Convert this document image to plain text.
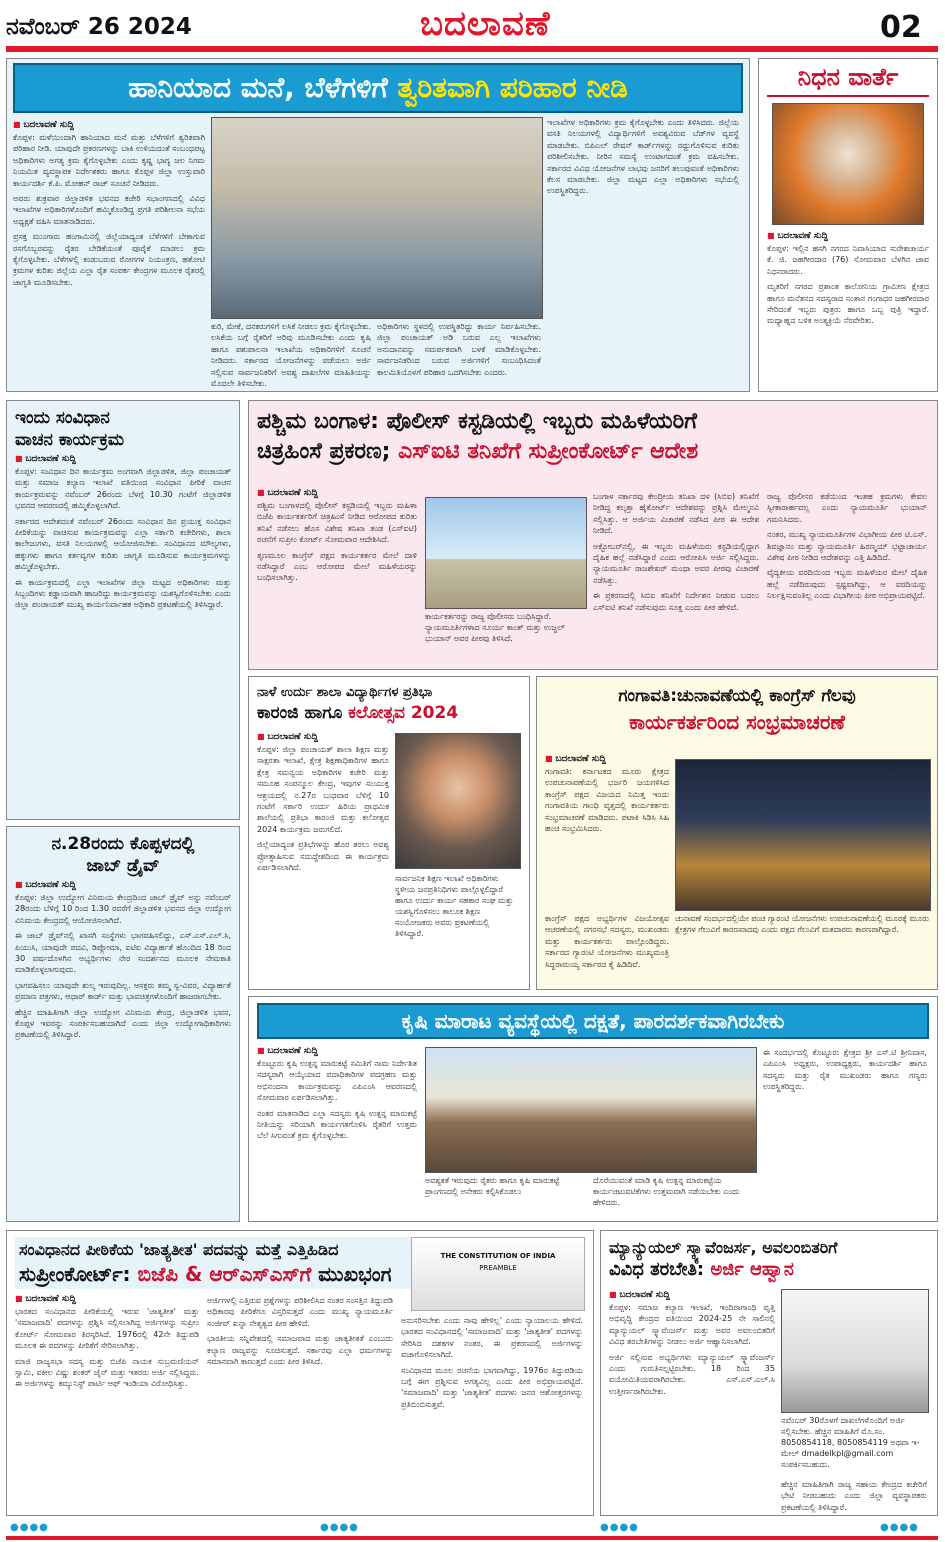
ನವೆಂಬರ್ 26 2024	ಬದಲಾವಣೆ	02
ಹಾನಿಯಾದ ಮನೆ, ಬೆಳೆಗಳಿಗೆ ತ್ವರಿತವಾಗಿ ಪರಿಹಾರ ನೀಡಿ
■ ಬದಲಾವಣೆ ಸುದ್ದಿ

ಕೊಪ್ಪಳ: ಮಳೆಯಿಂದಾಗಿ ಹಾನಿಯಾದ ಮನೆ ಮತ್ತು ಬೆಳೆಗಳಿಗೆ ತ್ವರಿತವಾಗಿ ಪರಿಹಾರ ನೀಡಿ. ಯಾವುದೇ ಪ್ರಕರಣಗಳನ್ನು ಬಾಕಿ ಉಳಿಯದಂತೆ ಸಂಬಂಧಪಟ್ಟ ಅಧಿಕಾರಿಗಳು ಅಗತ್ಯ ಕ್ರಮ ಕೈಗೊಳ್ಳಬೇಕು ಎಂದು ಕೃಷ್ಣ ಭಾಗ್ಯ ಜಲ ನಿಗಮ ನಿಯಮಿತ ವ್ಯವಸ್ಥಾಪಕ ನಿರ್ದೇಶಕರು ಹಾಗೂ ಕೊಪ್ಪಳ ಜಿಲ್ಲಾ ಉಸ್ತುವಾರಿ ಕಾರ್ಯದರ್ಶಿ ಕೆ.ಪಿ. ಮೋಹನ್ ರಾಜ್ ಸೂಚನೆ ನೀಡಿದರು.

ಅವರು ಶುಕ್ರವಾರ ಜಿಲ್ಲಾಡಳಿತ ಭವನದ ಕಚೇರಿ ಸಭಾಂಗಣದಲ್ಲಿ ವಿವಿಧ ಇಲಾಖೆಗಳ ಅಧಿಕಾರಿಗಳೊಂದಿಗೆ ಹಮ್ಮಿಕೊಂಡಿದ್ದ ಪ್ರಗತಿ ಪರಿಶೀಲನಾ ಸಭೆಯ ಅಧ್ಯಕ್ಷತೆ ವಹಿಸಿ ಮಾತನಾಡಿದರು.

ಪ್ರಸಕ್ತ ಮುಂಗಾರು ಹಂಗಾಮಿನಲ್ಲಿ ಜಿಲ್ಲೆಯಾದ್ಯಂತ ಬೆಳೆಗಳಿಗೆ ಬೇಕಾಗುವ ರಸಗೊಬ್ಬರವನ್ನು ರೈತರ ಬೇಡಿಕೆಯಂತೆ ಪೂರೈಕೆ ಮಾಡಲು ಕ್ರಮ ಕೈಗೊಳ್ಳಬೇಕು. ಬೆಳೆಗಳಲ್ಲಿ ಕಂಡುಬರುವ ರೋಗಗಳ ನಿಯಂತ್ರಣ, ಹತೋಟಿ ಕ್ರಮಗಳ ಕುರಿತು ಜಿಲ್ಲೆಯ ಎಲ್ಲಾ ರೈತ ಸಂಪರ್ಕ ಕೇಂದ್ರಗಳ ಮೂಲಕ ರೈತರಲ್ಲಿ ಜಾಗೃತಿ ಮೂಡಿಸಬೇಕು.

ಕುರಿ, ಮೇಕೆ, ದನಕರುಗಳಿಗೆ ಲಸಿಕೆ ನೀಡಲು ಕ್ರಮ ಕೈಗೊಳ್ಳಬೇಕು. ಲಸಿಕೆಯ ಬಗ್ಗೆ ರೈತರಿಗೆ ಅರಿವು ಮೂಡಿಸಬೇಕು ಎಂದು ಕೃಷಿ ಹಾಗೂ ಪಶುಪಾಲನಾ ಇಲಾಖೆಯ ಅಧಿಕಾರಿಗಳಿಗೆ ಸೂಚನೆ ನೀಡಿದರು. ಸರ್ಕಾರದ ಯೋಜನೆಗಳನ್ನು ಪಡೆಯಲು ಅರ್ಜಿ ಸಲ್ಲಿಸುವ ಸಾರ್ವಜನಿಕರಿಗೆ ಅವಶ್ಯ ದಾಖಲೆಗಳ ಮಾಹಿತಿಯನ್ನು ಮೊದಲೇ ತಿಳಿಸಬೇಕು.
ಅಧಿಕಾರಿಗಳು ಸ್ಥಳದಲ್ಲಿ ಉಪಸ್ಥಿತರಿದ್ದು ಕಾರ್ಯ ನಿರ್ವಹಿಸಬೇಕು. ಜಿಲ್ಲಾ ಪಂಚಾಯತ್ ಅಡಿ ಬರುವ ಎಲ್ಲ ಇಲಾಖೆಗಳು ಅನುದಾನವನ್ನು ಸಮರ್ಪಕವಾಗಿ ಬಳಕೆ ಮಾಡಿಕೊಳ್ಳಬೇಕು. ಸಾರ್ವಜನಿಕರಿಂದ ಬರುವ ಅರ್ಜಿಗಳಿಗೆ ಸಂಬಂಧಿಸಿದಂತೆ ಕಾಲಮಿತಿಯೊಳಗೆ ಪರಿಹಾರ ಒದಗಿಸಬೇಕು ಎಂದರು.
ಇಲಾಖೆಗಳ ಅಧಿಕಾರಿಗಳು ಕ್ರಮ ಕೈಗೊಳ್ಳಬೇಕು ಎಂದು ತಿಳಿಸಿದರು. ಜಿಲ್ಲೆಯ ವಸತಿ ನಿಲಯಗಳಲ್ಲಿ ವಿದ್ಯಾರ್ಥಿಗಳಿಗೆ ಅವಶ್ಯವಿರುವ ಬೆಡ್‌ಗಳ ವ್ಯವಸ್ಥೆ ಮಾಡಬೇಕು. ಬಿಪಿಎಲ್ ರೇಷನ್ ಕಾರ್ಡ್‌ಗಳನ್ನು ರದ್ದುಗೊಳಿಸುವ ಕುರಿತು ಪರಿಶೀಲಿಸಬೇಕು. ನೀರಿನ ಸಮಸ್ಯೆ ಉಂಟಾಗದಂತೆ ಕ್ರಮ ವಹಿಸಬೇಕು. ಸರ್ಕಾರದ ವಿವಿಧ ಯೋಜನೆಗಳ ಲಾಭವು ಜನರಿಗೆ ತಲುಪುವಂತೆ ಅಧಿಕಾರಿಗಳು ಕೆಲಸ ಮಾಡಬೇಕು. ಜಿಲ್ಲಾ ಮಟ್ಟದ ಎಲ್ಲಾ ಅಧಿಕಾರಿಗಳು ಸಭೆಯಲ್ಲಿ ಉಪಸ್ಥಿತರಿದ್ದರು.
ನಿಧನ ವಾರ್ತೆ
■ ಬದಲಾವಣೆ ಸುದ್ದಿ

ಕೊಪ್ಪಳ: ಇಲ್ಲಿನ ಹಸಗಿ ನಗರದ ನಿವಾಸಿಯಾದ ಸುರೇಶಚಾರ್ಯ ಕೆ. ಜಿ. ಜಹಗೀರದಾರ (76) ಸೋಮವಾರ ಬೆಳಗಿನ ಜಾವ ನಿಧನರಾದರು.

ಮೃತರಿಗೆ ನಗರದ ಪ್ರಶಾಂತ ಕಾಲೋನಿಯ ಗ್ರಾಮೀಣ ಕ್ಷೇತ್ರದ ಹಾಗೂ ಮನೆತನದ ಸದಸ್ಯರಾದ ಸಂತಾನ ಗಂಗಾಧರ ಜಹಗೀರದಾರ ಸೇರಿದಂತೆ ಇಬ್ಬರು ಪುತ್ರರು ಹಾಗೂ ಒಬ್ಬ ಪುತ್ರಿ ಇದ್ದಾರೆ. ಮಧ್ಯಾಹ್ನದ ಬಳಿಕ ಅಂತ್ಯಕ್ರಿಯೆ ನೆರವೇರಿತು.

ಇಂದು ಸಂವಿಧಾನ
ವಾಚನ ಕಾರ್ಯಕ್ರಮ
■ ಬದಲಾವಣೆ ಸುದ್ದಿ

ಕೊಪ್ಪಳ: ಸಂವಿಧಾನ ದಿನ ಕಾರ್ಯಕ್ರಮ ಅಂಗವಾಗಿ ಜಿಲ್ಲಾಡಳಿತ, ಜಿಲ್ಲಾ ಪಂಚಾಯತ್ ಮತ್ತು ಸಮಾಜ ಕಲ್ಯಾಣ ಇಲಾಖೆ ವತಿಯಿಂದ ಸಂವಿಧಾನ ಪೀಠಿಕೆ ವಾಚನ ಕಾರ್ಯಕ್ರಮವನ್ನು ನವೆಂಬರ್ 26ರಂದು ಬೆಳಗ್ಗೆ 10.30 ಗಂಟೆಗೆ ಜಿಲ್ಲಾಡಳಿತ ಭವನದ ಆವರಣದಲ್ಲಿ ಹಮ್ಮಿಕೊಳ್ಳಲಾಗಿದೆ.

ಸರ್ಕಾರದ ಆದೇಶದಂತೆ ನವೆಂಬರ್ 26ರಂದು ಸಂವಿಧಾನ ದಿನ ಪ್ರಯುಕ್ತ ಸಂವಿಧಾನ ಪೀಠಿಕೆಯನ್ನು ವಾಚಿಸುವ ಕಾರ್ಯಕ್ರಮವನ್ನು ಎಲ್ಲಾ ಸರ್ಕಾರಿ ಕಚೇರಿಗಳು, ಶಾಲಾ ಕಾಲೇಜುಗಳು, ವಸತಿ ನಿಲಯಗಳಲ್ಲಿ ಆಯೋಜಿಸಬೇಕು. ಸಂವಿಧಾನದ ಮೌಲ್ಯಗಳು, ಹಕ್ಕುಗಳು ಹಾಗೂ ಕರ್ತವ್ಯಗಳ ಕುರಿತು ಜಾಗೃತಿ ಮೂಡಿಸುವ ಕಾರ್ಯಕ್ರಮಗಳನ್ನು ಹಮ್ಮಿಕೊಳ್ಳಬೇಕು.

ಈ ಕಾರ್ಯಕ್ರಮದಲ್ಲಿ ಎಲ್ಲಾ ಇಲಾಖೆಗಳ ಜಿಲ್ಲಾ ಮಟ್ಟದ ಅಧಿಕಾರಿಗಳು ಮತ್ತು ಸಿಬ್ಬಂದಿಗಳು ಕಡ್ಡಾಯವಾಗಿ ಹಾಜರಿದ್ದು ಕಾರ್ಯಕ್ರಮವನ್ನು ಯಶಸ್ವಿಗೊಳಿಸಬೇಕು ಎಂದು ಜಿಲ್ಲಾ ಪಂಚಾಯತ್ ಮುಖ್ಯ ಕಾರ್ಯನಿರ್ವಾಹಕ ಅಧಿಕಾರಿ ಪ್ರಕಟಣೆಯಲ್ಲಿ ತಿಳಿಸಿದ್ದಾರೆ.

ನ.28ರಂದು ಕೊಪ್ಪಳದಲ್ಲಿ
ಜಾಬ್ ಡ್ರೈವ್
■ ಬದಲಾವಣೆ ಸುದ್ದಿ

ಕೊಪ್ಪಳ: ಜಿಲ್ಲಾ ಉದ್ಯೋಗ ವಿನಿಮಯ ಕೇಂದ್ರದಿಂದ ಜಾಬ್ ಡ್ರೈವ್ ಅನ್ನು ನವೆಂಬರ್ 28ರಂದು ಬೆಳಿಗ್ಗೆ 10 ರಿಂದ 1.30 ರವರೆಗೆ ಜಿಲ್ಲಾಡಳಿತ ಭವನದ ಜಿಲ್ಲಾ ಉದ್ಯೋಗ ವಿನಿಮಯ ಕೇಂದ್ರದಲ್ಲಿ ಆಯೋಜಿಸಲಾಗಿದೆ.

ಈ ಜಾಬ್ ಡ್ರೈವ್‌ನಲ್ಲಿ ಖಾಸಗಿ ಸಂಸ್ಥೆಗಳು ಭಾಗವಹಿಸಲಿದ್ದು, ಎಸ್.ಎಸ್.ಎಲ್.ಸಿ, ಪಿಯುಸಿ, ಯಾವುದೇ ಪದವಿ, ಡಿಪ್ಲೋಮಾ, ಐಟಿಐ ವಿದ್ಯಾರ್ಹತೆ ಹೊಂದಿದ 18 ರಿಂದ 30 ವರ್ಷದೊಳಗಿನ ಅಭ್ಯರ್ಥಿಗಳು ನೇರ ಸಂದರ್ಶನದ ಮೂಲಕ ನೇಮಕಾತಿ ಮಾಡಿಕೊಳ್ಳಲಾಗುವುದು.

ಭಾಗವಹಿಸಲು ಯಾವುದೇ ಶುಲ್ಕ ಇರುವುದಿಲ್ಲ. ಆಸಕ್ತರು ತಮ್ಮ ಸ್ವ-ವಿವರ, ವಿದ್ಯಾರ್ಹತೆ ಪ್ರಮಾಣ ಪತ್ರಗಳು, ಆಧಾರ್ ಕಾರ್ಡ್ ಮತ್ತು ಭಾವಚಿತ್ರಗಳೊಂದಿಗೆ ಹಾಜರಾಗಬೇಕು.

ಹೆಚ್ಚಿನ ಮಾಹಿತಿಗಾಗಿ ಜಿಲ್ಲಾ ಉದ್ಯೋಗ ವಿನಿಮಯ ಕೇಂದ್ರ, ಜಿಲ್ಲಾಡಳಿತ ಭವನ, ಕೊಪ್ಪಳ ಇವರನ್ನು ಸಂಪರ್ಕಿಸಬಹುದಾಗಿದೆ ಎಂದು ಜಿಲ್ಲಾ ಉದ್ಯೋಗಾಧಿಕಾರಿಗಳು ಪ್ರಕಟಣೆಯಲ್ಲಿ ತಿಳಿಸಿದ್ದಾರೆ.

ಪಶ್ಚಿಮ ಬಂಗಾಳ: ಪೊಲೀಸ್ ಕಸ್ಟಡಿಯಲ್ಲಿ ಇಬ್ಬರು ಮಹಿಳೆಯರಿಗೆ
ಚಿತ್ರಹಿಂಸೆ ಪ್ರಕರಣ; ಎಸ್‌ಐಟಿ ತನಿಖೆಗೆ ಸುಪ್ರೀಂಕೋರ್ಟ್ ಆದೇಶ
■ ಬದಲಾವಣೆ ಸುದ್ದಿ

ಪಶ್ಚಿಮ ಬಂಗಾಳದಲ್ಲಿ ಪೊಲೀಸ್ ಕಸ್ಟಡಿಯಲ್ಲಿ ಇಬ್ಬರು ಮಹಿಳಾ ಬಿಜೆಪಿ ಕಾರ್ಯಕರ್ತರಿಗೆ ಚಿತ್ರಹಿಂಸೆ ನೀಡಿದ ಆರೋಪದ ಕುರಿತು ತನಿಖೆ ನಡೆಸಲು ಹೊಸ ವಿಶೇಷ ತನಿಖಾ ತಂಡ (ಎಸ್‌ಐಟಿ) ರಚನೆಗೆ ಸುಪ್ರೀಂ ಕೋರ್ಟ್ ಸೋಮವಾರ ಆದೇಶಿಸಿದೆ.

ತೃಣಮೂಲ ಕಾಂಗ್ರೆಸ್ ಪಕ್ಷದ ಕಾರ್ಯಕರ್ತರ ಮೇಲೆ ದಾಳಿ ನಡೆಸಿದ್ದಾರೆ ಎಂಬ ಆರೋಪದ ಮೇಲೆ ಮಹಿಳೆಯರನ್ನು ಬಂಧಿಸಲಾಗಿತ್ತು.

ಕಾರ್ಯಕರ್ತರನ್ನು ರಾಜ್ಯ ಪೊಲೀಸರು ಬಂಧಿಸಿದ್ದಾರೆ. ನ್ಯಾಯಮೂರ್ತಿಗಳಾದ ಸೂರ್ಯ ಕಾಂತ್ ಮತ್ತು ಉಜ್ಜಲ್ ಭುಯಾನ್ ಅವರ ಪೀಠವು ತಿಳಿಸಿದೆ.

ಬಂಗಾಳ ಸರ್ಕಾರವು ಕೇಂದ್ರೀಯ ತನಿಖಾ ದಳ (ಸಿಬಿಐ) ತನಿಖೆಗೆ ನೀಡಿದ್ದ ಕಲ್ಕತ್ತಾ ಹೈಕೋರ್ಟ್ ಆದೇಶವನ್ನು ಪ್ರಶ್ನಿಸಿ ಮೇಲ್ಮನವಿ ಸಲ್ಲಿಸಿತ್ತು. ಆ ಅರ್ಜಿಯ ವಿಚಾರಣೆ ನಡೆಸಿದ ಪೀಠ ಈ ಆದೇಶ ನೀಡಿದೆ.

ಅಕ್ಟೋಬರ್‌ನಲ್ಲಿ, ಈ ಇಬ್ಬರು ಮಹಿಳೆಯರು ಕಸ್ಟಡಿಯಲ್ಲಿದ್ದಾಗ ದೈಹಿಕ ಹಲ್ಲೆ ನಡೆಸಿದ್ದಾರೆ ಎಂದು ಆರೋಪಿಸಿ ಅರ್ಜಿ ಸಲ್ಲಿಸಿದ್ದರು. ನ್ಯಾಯಮೂರ್ತಿ ರಾಜಶೇಖರ್ ಮಂಥಾ ಅವರ ಪೀಠವು ವಿಚಾರಣೆ ನಡೆಸಿತ್ತು.

ಈ ಪ್ರಕರಣದಲ್ಲಿ ಸಿಬಿಐ ತನಿಖೆಗೆ ನಿರ್ದೇಶನ ನೀಡುವ ಬದಲು ಎಸ್‌ಐಟಿ ತನಿಖೆ ನಡೆಸುವುದು ಸೂಕ್ತ ಎಂದು ಪೀಠ ಹೇಳಿದೆ.

ರಾಜ್ಯ ಪೊಲೀಸರ ಕಡೆಯಿಂದ ಇಂತಹ ಕ್ರಮಗಳು ಕೇವಲ ಸ್ವೀಕಾರಾರ್ಹವಲ್ಲ ಎಂದು ನ್ಯಾಯಮೂರ್ತಿ ಭುಯಾನ್ ಗಮನಿಸಿದರು.

ನಂತರ, ಮುಖ್ಯ ನ್ಯಾಯಮೂರ್ತಿಗಳ ವಿಭಾಗೀಯ ಪೀಠ ಟಿ.ಎಸ್. ಶಿವಜ್ಞಾನಂ ಮತ್ತು ನ್ಯಾಯಮೂರ್ತಿ ಹಿರಣ್ಮಯ್ ಭಟ್ಟಾಚಾರ್ಯ ವಿಶೇಷ ಪೀಠ ನೀಡಿದ ಆದೇಶವನ್ನು ಎತ್ತಿ ಹಿಡಿದಿದೆ.

ವೈದ್ಯಕೀಯ ವರದಿಯಿಂದ ಇಬ್ಬರು ಮಹಿಳೆಯರ ಮೇಲೆ ದೈಹಿಕ ಹಲ್ಲೆ ನಡೆದಿರುವುದು ಸ್ಪಷ್ಟವಾಗಿದ್ದು, ಆ ವರದಿಯನ್ನು ನಿರ್ಲಕ್ಷಿಸುವಂತಿಲ್ಲ ಎಂದು ವಿಭಾಗೀಯ ಪೀಠ ಅಭಿಪ್ರಾಯಪಟ್ಟಿದೆ.

ನಾಳೆ ಉರ್ದು ಶಾಲಾ ವಿದ್ಯಾರ್ಥಿಗಳ ಪ್ರತಿಭಾ
ಕಾರಂಜಿ ಹಾಗೂ ಕಲೋತ್ಸವ 2024
■ ಬದಲಾವಣೆ ಸುದ್ದಿ

ಕೊಪ್ಪಳ: ಜಿಲ್ಲಾ ಪಂಚಾಯತ್ ಶಾಲಾ ಶಿಕ್ಷಣ ಮತ್ತು ಸಾಕ್ಷರತಾ ಇಲಾಖೆ, ಕ್ಷೇತ್ರ ಶಿಕ್ಷಣಾಧಿಕಾರಿಗಳ ಹಾಗೂ ಕ್ಷೇತ್ರ ಸಮನ್ವಯ ಅಧಿಕಾರಿಗಳ ಕಚೇರಿ ಮತ್ತು ಸಮೂಹ ಸಂಪನ್ಮೂಲ ಕೇಂದ್ರ, ಇವುಗಳ ಸಂಯುಕ್ತ ಆಶ್ರಯದಲ್ಲಿ ನ.27ರ ಬುಧವಾರ ಬೆಳಿಗ್ಗೆ 10 ಗಂಟೆಗೆ ಸರ್ಕಾರಿ ಉರ್ದು ಹಿರಿಯ ಪ್ರಾಥಮಿಕ ಶಾಲೆಯಲ್ಲಿ ಪ್ರತಿಭಾ ಕಾರಂಜಿ ಮತ್ತು ಕಲೋತ್ಸವ 2024 ಕಾರ್ಯಕ್ರಮ ಜರುಗಲಿದೆ.

ಜಿಲ್ಲೆಯಾದ್ಯಂತ ಪ್ರತಿಭೆಗಳನ್ನು ಹೊರ ತರಲು ಅವಶ್ಯ ಪ್ರೋತ್ಸಾಹಿಸುವ ಸದುದ್ದೇಶದಿಂದ ಈ ಕಾರ್ಯಕ್ರಮ ಏರ್ಪಡಿಸಲಾಗಿದೆ.

ಸಾರ್ವಜನಿಕ ಶಿಕ್ಷಣ ಇಲಾಖೆ ಅಧಿಕಾರಿಗಳು ಸ್ಥಳೀಯ ಜನಪ್ರತಿನಿಧಿಗಳು ಪಾಲ್ಗೊಳ್ಳಲಿದ್ದಾರೆ ಹಾಗೂ ಉರ್ದು ಕಾರ್ಯ ಸಹಕಾರ ಸಂಘ ಮತ್ತು ಯಶಸ್ವಿಗೊಳಿಸಲು ತಾಲೂಕ ಶಿಕ್ಷಣ ಸಂಯೋಜಕರು ಅವರು ಪ್ರಕಟಣೆಯಲ್ಲಿ ತಿಳಿಸಿದ್ದಾರೆ.
ಗಂಗಾವತಿ:ಚುನಾವಣೆಯಲ್ಲಿ ಕಾಂಗ್ರೆಸ್ ಗೆಲವು
ಕಾರ್ಯಕರ್ತರಿಂದ ಸಂಭ್ರಮಾಚರಣೆ
■ ಬದಲಾವಣೆ ಸುದ್ದಿ

ಗಂಗಾವತಿ: ಕರ್ನಾಟಕದ ಮೂರು ಕ್ಷೇತ್ರದ ಉಪಚುನಾವಣೆಯಲ್ಲಿ ಭರ್ಜರಿ ಜಯಗಳಿಸಿದ ಕಾಂಗ್ರೆಸ್ ಪಕ್ಷದ ವಿಜಯದ ನಿಮಿತ್ತ ಇಂದು ಗಂಗಾವತಿಯ ಗಾಂಧಿ ವೃತ್ತದಲ್ಲಿ ಕಾರ್ಯಕರ್ತರು ಸಂಭ್ರಮಾಚರಣೆ ಮಾಡಿದರು. ಪಟಾಕಿ ಸಿಡಿಸಿ ಸಿಹಿ ಹಂಚಿ ಸಂಭ್ರಮಿಸಿದರು.

ಕಾಂಗ್ರೆಸ್ ಪಕ್ಷದ ಅಭ್ಯರ್ಥಿಗಳ ವಿಜಯೋತ್ಸವ ಆಚರಣೆಯಲ್ಲಿ ನಗರಸಭೆ ಸದಸ್ಯರು, ಮುಖಂಡರು ಮತ್ತು ಕಾರ್ಯಕರ್ತರು ಪಾಲ್ಗೊಂಡಿದ್ದರು. ಸರ್ಕಾರದ ಗ್ಯಾರಂಟಿ ಯೋಜನೆಗಳು ಮುಖ್ಯಮಂತ್ರಿ ಸಿದ್ದರಾಮಯ್ಯ ಸರ್ಕಾರದ ಕೈ ಹಿಡಿದಿವೆ.
ಚುನಾವಣೆ ಸಂದರ್ಭದಲ್ಲಿಯೇ ಪಂಚ ಗ್ಯಾರಂಟಿ ಯೋಜನೆಗಳು ಉಪಚುನಾವಣೆಯಲ್ಲಿ ಮೂರಕ್ಕೆ ಮೂರು ಕ್ಷೇತ್ರಗಳ ಗೆಲುವಿಗೆ ಕಾರಣವಾದವು ಎಂದು ಪಕ್ಷದ ಗೆಲುವಿಗೆ ಮತದಾರರು ಕಾರಣರಾಗಿದ್ದಾರೆ.
ಕೃಷಿ ಮಾರಾಟ ವ್ಯವಸ್ಥೆಯಲ್ಲಿ ದಕ್ಷತೆ, ಪಾರದರ್ಶಕವಾಗಿರಬೇಕು
■ ಬದಲಾವಣೆ ಸುದ್ದಿ

ಕೊಟ್ಟೂರು ಕೃಷಿ ಉತ್ಪನ್ನ ಮಾರುಕಟ್ಟೆ ಸಮಿತಿಗೆ ನಾಮ ನಿರ್ದೇಶಿತ ಸದಸ್ಯರಾಗಿ ಆಯ್ಕೆಯಾದ ಪದಾಧಿಕಾರಿಗಳ ಪದಗ್ರಹಣ ಮತ್ತು ಅಭಿನಂದನಾ ಕಾರ್ಯಕ್ರಮವನ್ನು ಎಪಿಎಂಸಿ ಆವರಣದಲ್ಲಿ ಸೋಮವಾರ ಏರ್ಪಡಿಸಲಾಗಿತ್ತು.

ನಂತರ ಮಾತನಾಡಿದ ಎಲ್ಲಾ ಸದಸ್ಯರು ಕೃಷಿ ಉತ್ಪನ್ನ ಮಾರುಕಟ್ಟೆ ನೀತಿಯನ್ನು ಸರಿಯಾಗಿ ಕಾರ್ಯಗತಗೊಳಿಸಿ ರೈತರಿಗೆ ಉತ್ತಮ ಬೆಲೆ ಸಿಗುವಂತೆ ಕ್ರಮ ಕೈಗೊಳ್ಳಬೇಕು.

ಅವಶ್ಯಕತೆ ಇರುವುದು ರೈತರು ಹಾಗೂ ಕೃಷಿ ಮಾರುಕಟ್ಟೆ ಪ್ರಾಂಗಣದಲ್ಲಿ ಅನೇಕರು ಕಲ್ಪಿಸಿಕೊಡಲು
ದೊರೆಯುವಂತೆ ಮಾಡಿ ಕೃಷಿ ಉತ್ಪನ್ನ ಮಾರುಕಟ್ಟೆಯ ಕಾರ್ಯಚಟುವಟಿಕೆಗಳು ಉತ್ತಮವಾಗಿ ನಡೆಯಬೇಕು ಎಂದು ಹೇಳಿದರು.
ಈ ಸಂದರ್ಭದಲ್ಲಿ ಕೊಟ್ಟೂರು ಕ್ಷೇತ್ರದ ಶ್ರೀ ಎಸ್.ಟಿ ಶ್ರೀನಿವಾಸ, ಎಪಿಎಂಸಿ ಅಧ್ಯಕ್ಷರು, ಉಪಾಧ್ಯಕ್ಷರು, ಕಾರ್ಯದರ್ಶಿ ಹಾಗೂ ಸದಸ್ಯರು ಮತ್ತು ರೈತ ಮುಖಂಡರು ಹಾಗೂ ಗಣ್ಯರು ಉಪಸ್ಥಿತರಿದ್ದರು.
ಸಂವಿಧಾನದ ಪೀಠಿಕೆಯ 'ಜಾತ್ಯತೀತ' ಪದವನ್ನು ಮತ್ತೆ ಎತ್ತಿಹಿಡಿದ
ಸುಪ್ರೀಂಕೋರ್ಟ್: ಬಿಜೆಪಿ & ಆರ್‌ಎಸ್‌ಎಸ್‌ಗೆ ಮುಖಭಂಗ
THE CONSTITUTION OF INDIA
PREAMBLE
■ ಬದಲಾವಣೆ ಸುದ್ದಿ

ಭಾರತದ ಸಂವಿಧಾನದ ಪೀಠಿಕೆಯಲ್ಲಿ ಇರುವ 'ಜಾತ್ಯತೀತ' ಮತ್ತು 'ಸಮಾಜವಾದಿ' ಪದಗಳನ್ನು ಪ್ರಶ್ನಿಸಿ ಸಲ್ಲಿಸಲಾಗಿದ್ದ ಅರ್ಜಿಗಳನ್ನು ಸುಪ್ರೀಂ ಕೋರ್ಟ್ ಸೋಮವಾರ ತಿರಸ್ಕರಿಸಿದೆ. 1976ರಲ್ಲಿ 42ನೇ ತಿದ್ದುಪಡಿ ಮೂಲಕ ಈ ಪದಗಳನ್ನು ಪೀಠಿಕೆಗೆ ಸೇರಿಸಲಾಗಿತ್ತು.

ಮಾಜಿ ರಾಜ್ಯಸಭಾ ಸದಸ್ಯ ಮತ್ತು ಬಿಜೆಪಿ ನಾಯಕ ಸುಬ್ರಮಣಿಯನ್ ಸ್ವಾಮಿ, ವಕೀಲ ವಿಷ್ಣು ಶಂಕರ್ ಜೈನ್ ಮತ್ತು ಇತರರು ಅರ್ಜಿ ಸಲ್ಲಿಸಿದ್ದರು. ಈ ಅರ್ಜಿಗಳನ್ನು ಕಮ್ಯುನಿಸ್ಟ್ ಪಾರ್ಟಿ ಆಫ್ ಇಂಡಿಯಾ ವಿರೋಧಿಸಿತ್ತು.

ಅರ್ಜಿಗಳಲ್ಲಿ ಎತ್ತಿರುವ ಪ್ರಶ್ನೆಗಳನ್ನು ಪರಿಶೀಲಿಸಿದ ನಂತರ ಸಂಸತ್ತಿನ ತಿದ್ದುಪಡಿ ಅಧಿಕಾರವು ಪೀಠಿಕೆಗೂ ವಿಸ್ತರಿಸುತ್ತದೆ ಎಂದು ಮುಖ್ಯ ನ್ಯಾಯಮೂರ್ತಿ ಸಂಜೀವ್ ಖನ್ನಾ ನೇತೃತ್ವದ ಪೀಠ ಹೇಳಿದೆ.

ಭಾರತೀಯ ಸನ್ನಿವೇಶದಲ್ಲಿ ಸಮಾಜವಾದ ಮತ್ತು ಜಾತ್ಯತೀತತೆ ಎಂಬುದು ಕಲ್ಯಾಣ ರಾಜ್ಯವನ್ನು ಸೂಚಿಸುತ್ತದೆ. ಸರ್ಕಾರವು ಎಲ್ಲಾ ಧರ್ಮಗಳನ್ನು ಸಮಾನವಾಗಿ ಕಾಣುತ್ತದೆ ಎಂದು ಪೀಠ ತಿಳಿಸಿದೆ.

ಅನುಸರಿಸಬೇಕು ಎಂದು ನಾವು ಹೇಳಿಲ್ಲ' ಎಂದು ನ್ಯಾಯಾಲಯ ಹೇಳಿದೆ. ಭಾರತದ ಸಂವಿಧಾನದಲ್ಲಿ 'ಸಮಾಜವಾದಿ' ಮತ್ತು 'ಜಾತ್ಯತೀತ' ಪದಗಳನ್ನು ಸೇರಿಸಿದ ದಶಕಗಳ ನಂತರ, ಈ ಪ್ರಕರಣದಲ್ಲಿ ಅರ್ಜಿಗಳನ್ನು ವಜಾಗೊಳಿಸಲಾಗಿದೆ.

ಸಂವಿಧಾನದ ಮೂಲ ರಚನೆಯ ಭಾಗವಾಗಿದ್ದು, 1976ರ ತಿದ್ದುಪಡಿಯ ಬಗ್ಗೆ ಈಗ ಪ್ರಶ್ನಿಸುವ ಅಗತ್ಯವಿಲ್ಲ ಎಂದು ಪೀಠ ಅಭಿಪ್ರಾಯಪಟ್ಟಿದೆ. 'ಸಮಾಜವಾದಿ' ಮತ್ತು 'ಜಾತ್ಯತೀತ' ಪದಗಳು ಜನರ ಆಶೋತ್ತರಗಳನ್ನು ಪ್ರತಿಬಿಂಬಿಸುತ್ತವೆ.

ಮ್ಯಾನ್ಯುಯಲ್ ಸ್ಕ್ಯಾವೆಂಜರ್ಸ, ಅವಲಂಬಿತರಿಗೆ
ವಿವಿಧ ತರಬೇತಿ: ಅರ್ಜಿ ಆಹ್ವಾನ
■ ಬದಲಾವಣೆ ಸುದ್ದಿ

ಕೊಪ್ಪಳ: ಸಮಾಜ ಕಲ್ಯಾಣ ಇಲಾಖೆ, ಇಂದಿರಾಗಾಂಧಿ ವೃತ್ತಿ ಅಭಿವೃದ್ಧಿ ಕೇಂದ್ರದ ವತಿಯಿಂದ 2024-25 ನೇ ಸಾಲಿನಲ್ಲಿ ಮ್ಯಾನ್ಯುಯಲ್ ಸ್ಕ್ಯಾವೆಂಜರ್ಸ್ ಮತ್ತು ಅವರ ಅವಲಂಬಿತರಿಗೆ ವಿವಿಧ ತರಬೇತಿಗಳನ್ನು ನೀಡಲು ಅರ್ಜಿ ಆಹ್ವಾನಿಸಲಾಗಿದೆ.

ಅರ್ಜಿ ಸಲ್ಲಿಸುವ ಅಭ್ಯರ್ಥಿಗಳು ಮ್ಯಾನ್ಯುಯಲ್ ಸ್ಕ್ಯಾವೆಂಜರ್ಸ್ ಎಂದು ಗುರುತಿಸಲ್ಪಟ್ಟಿರಬೇಕು. 18 ರಿಂದ 35 ವಯೋಮಿತಿಯವರಾಗಿರಬೇಕು. ಎಸ್.ಎಸ್.ಎಲ್.ಸಿ ಉತ್ತೀರ್ಣರಾಗಿರಬೇಕು.

ನವೆಂಬರ್ 30ರೊಳಗೆ ದಾಖಲೆಗಳೊಂದಿಗೆ ಅರ್ಜಿ ಸಲ್ಲಿಸಬೇಕು. ಹೆಚ್ಚಿನ ಮಾಹಿತಿಗೆ ಮೊ.ಸಂ. 8050854118, 8050854119 ಅಥವಾ ಇ-ಮೇಲ್ dmadelkpl@gmail.com ಸಂಪರ್ಕಿಸಬಹುದು.
ಹೆಚ್ಚಿನ ಮಾಹಿತಿಗಾಗಿ ರಾಜ್ಯ ಸಹಾಯ ಕೇಂದ್ರದ ಕಚೇರಿಗೆ ಭೇಟಿ ನೀಡಬಹುದು ಎಂದು ಜಿಲ್ಲಾ ವ್ಯವಸ್ಥಾಪಕರು ಪ್ರಕಟಣೆಯಲ್ಲಿ ತಿಳಿಸಿದ್ದಾರೆ.
●●●●	●●●●	●●●●	●●●●
